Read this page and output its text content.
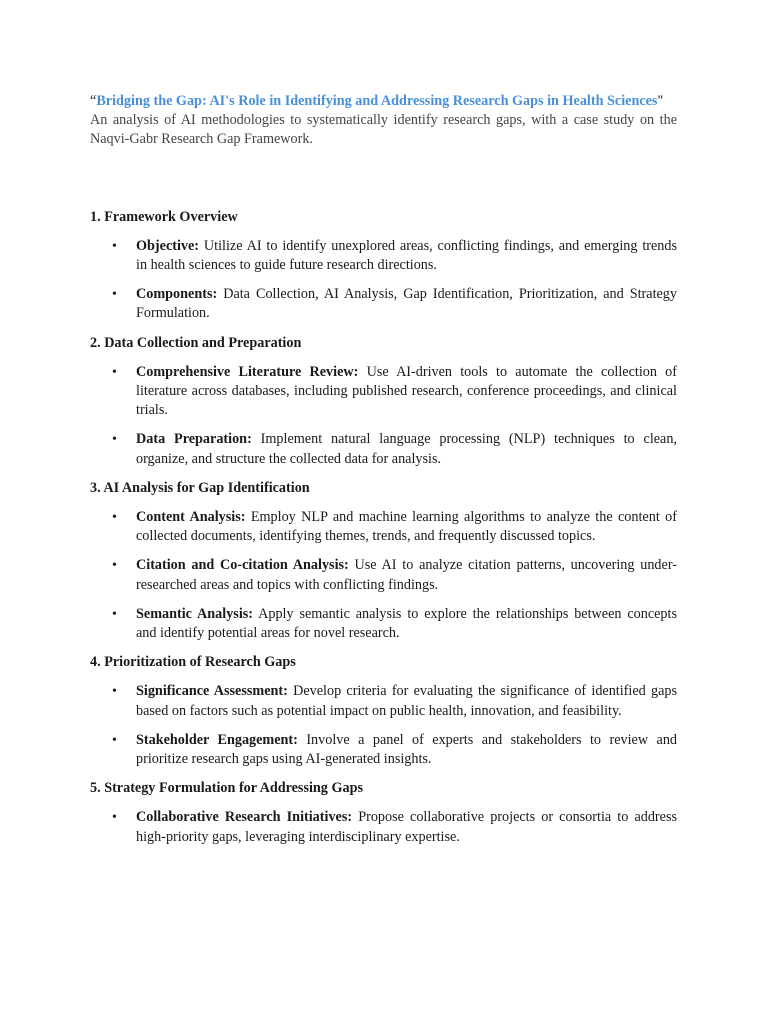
“Bridging the Gap: AI's Role in Identifying and Addressing Research Gaps in Health Sciences"

An analysis of AI methodologies to systematically identify research gaps, with a case study on the Naqvi-Gabr Research Gap Framework.

1. Framework Overview

• Objective: Utilize AI to identify unexplored areas, conflicting findings, and emerging trends in health sciences to guide future research directions.
• Components: Data Collection, AI Analysis, Gap Identification, Prioritization, and Strategy Formulation.

2. Data Collection and Preparation

• Comprehensive Literature Review: Use AI-driven tools to automate the collection of literature across databases, including published research, conference proceedings, and clinical trials.
• Data Preparation: Implement natural language processing (NLP) techniques to clean, organize, and structure the collected data for analysis.

3. AI Analysis for Gap Identification

• Content Analysis: Employ NLP and machine learning algorithms to analyze the content of collected documents, identifying themes, trends, and frequently discussed topics.
• Citation and Co-citation Analysis: Use AI to analyze citation patterns, uncovering under-researched areas and topics with conflicting findings.
• Semantic Analysis: Apply semantic analysis to explore the relationships between concepts and identify potential areas for novel research.

4. Prioritization of Research Gaps

• Significance Assessment: Develop criteria for evaluating the significance of identified gaps based on factors such as potential impact on public health, innovation, and feasibility.
• Stakeholder Engagement: Involve a panel of experts and stakeholders to review and prioritize research gaps using AI-generated insights.

5. Strategy Formulation for Addressing Gaps

• Collaborative Research Initiatives: Propose collaborative projects or consortia to address high-priority gaps, leveraging interdisciplinary expertise.
